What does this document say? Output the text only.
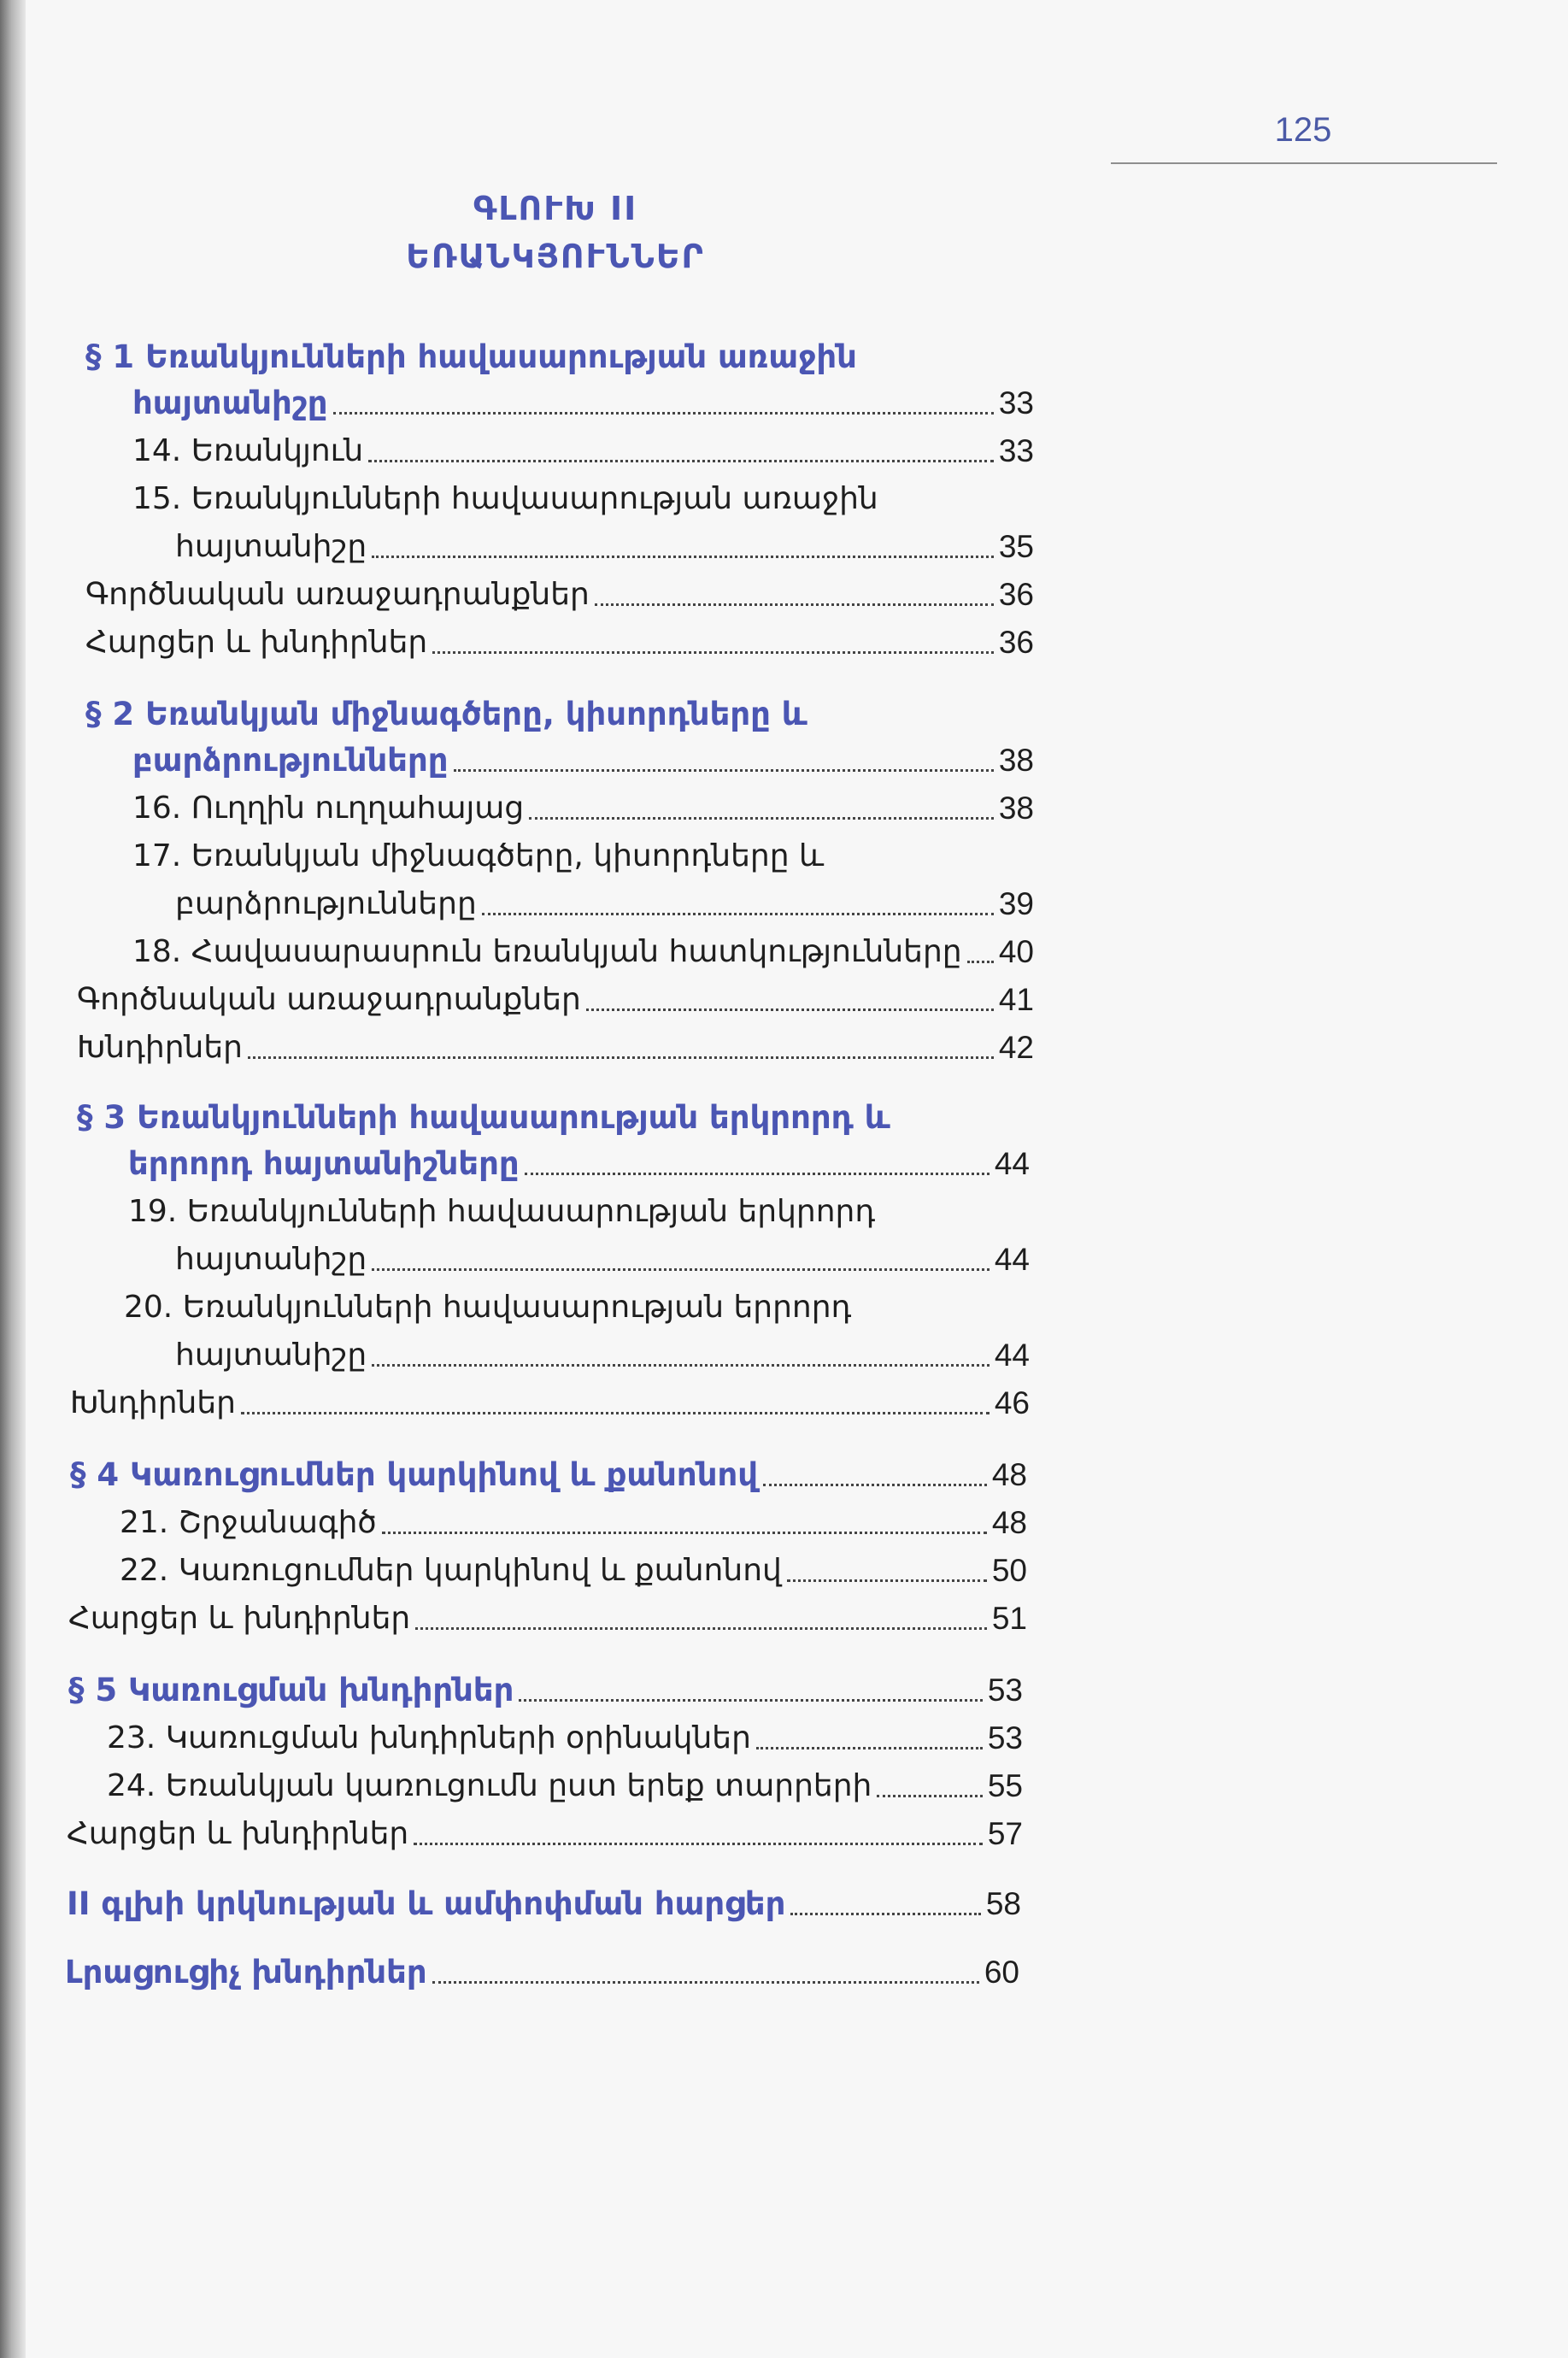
125
ԳԼՈՒԽ II
ԵՌԱՆԿՅՈՒՆՆԵՐ
§ 1 Եռանկյունների հավասարության առաջին
հայտանիշը	33
14. Եռանկյուն	33
15. Եռանկյունների հավասարության առաջին
հայտանիշը	35
Գործնական առաջադրանքներ	36
Հարցեր և խնդիրներ	36
§ 2 Եռանկյան միջնագծերը, կիսորդները և
բարձրությունները	38
16. Ուղղին ուղղահայաց	38
17. Եռանկյան միջնագծերը, կիսորդները և
բարձրությունները	39
18. Հավասարասրուն եռանկյան հատկությունները 40
Գործնական առաջադրանքներ	41
Խնդիրներ	42
§ 3 Եռանկյունների հավասարության երկրորդ և
երրորդ հայտանիշները	44
19. Եռանկյունների հավասարության երկրորդ
հայտանիշը	44
20. Եռանկյունների հավասարության երրորդ
հայտանիշը	44
Խնդիրներ	46
§ 4 Կառուցումներ կարկինով և քանոնով	48
21. Շրջանագիծ	48
22. Կառուցումներ կարկինով և քանոնով	50
Հարցեր և խնդիրներ	51
§ 5 Կառուցման խնդիրներ	53
23. Կառուցման խնդիրների օրինակներ	53
24. Եռանկյան կառուցումն ըստ երեք տարրերի	55
Հարցեր և խնդիրներ	57
II գլխի կրկնության և ամփոփման հարցեր	58
Լրացուցիչ խնդիրներ	60
